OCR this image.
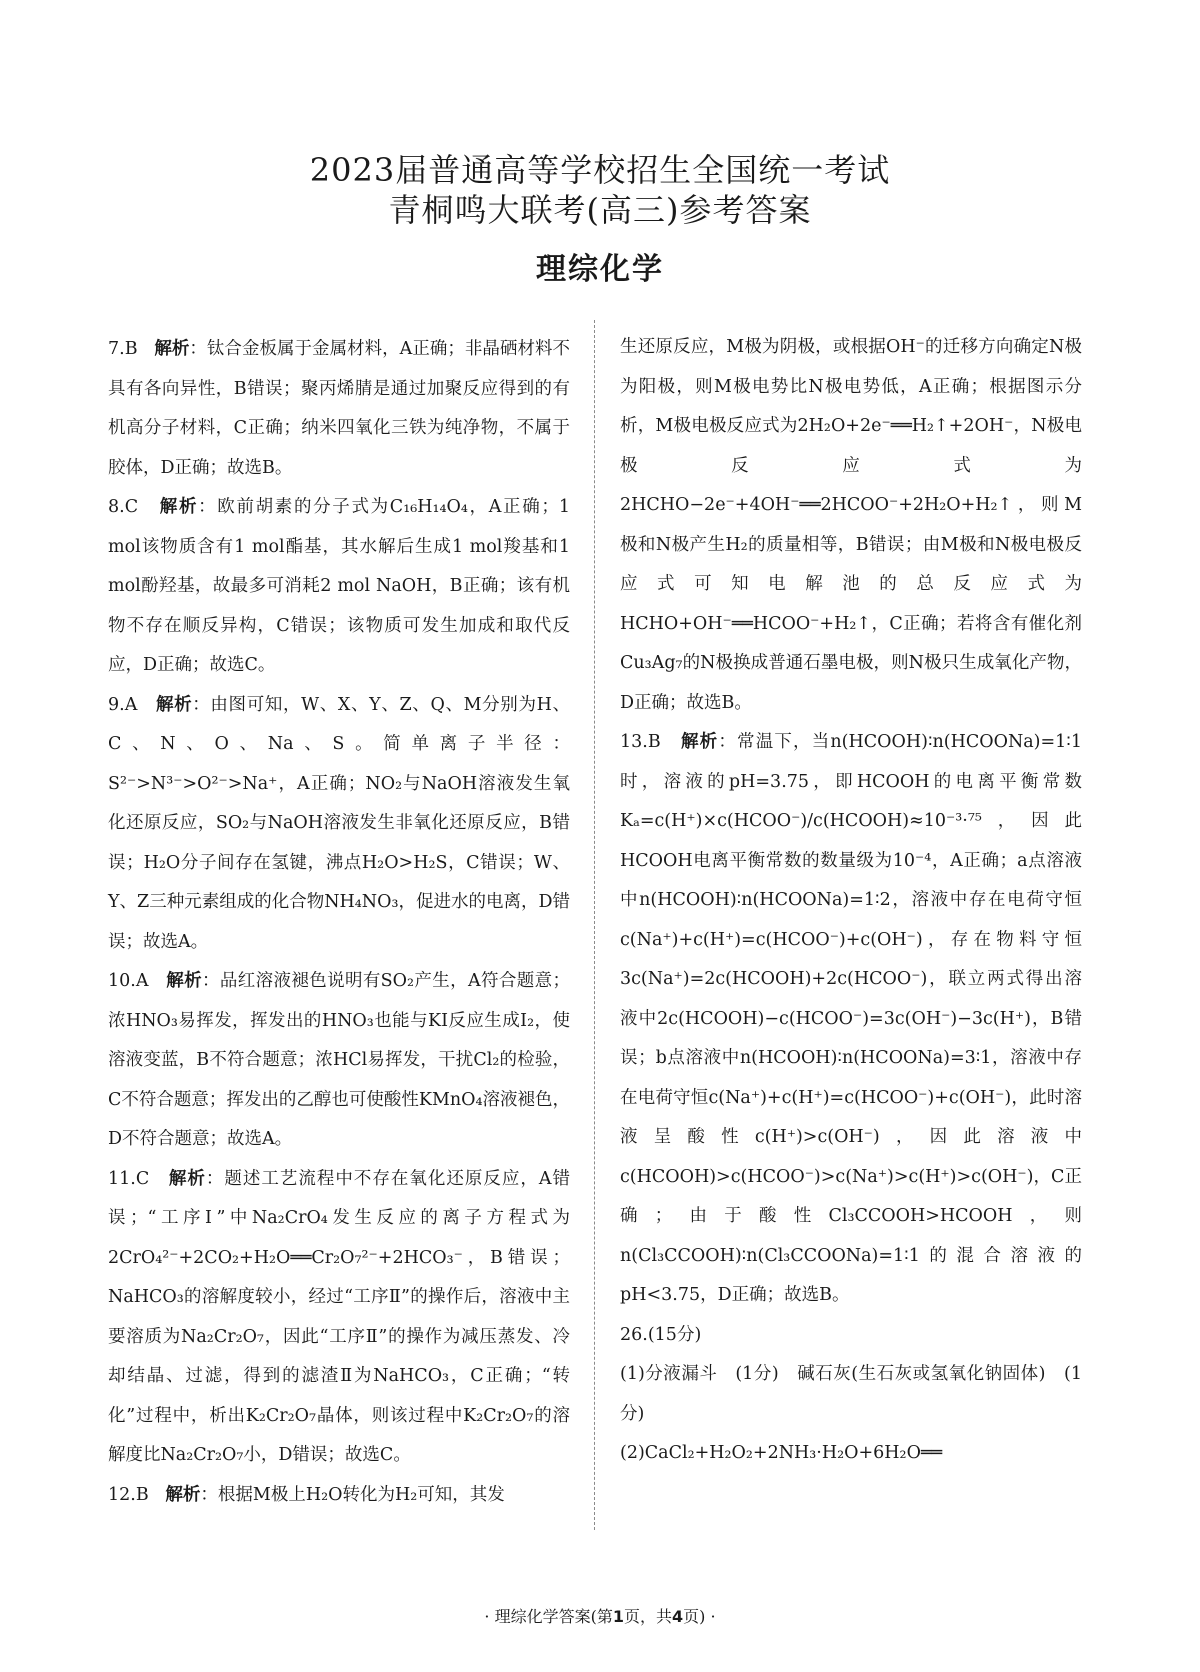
2023届普通高等学校招生全国统一考试
青桐鸣大联考(高三)参考答案
理综化学
7.B 解析：钛合金板属于金属材料，A正确；非晶硒材料不具有各向异性，B错误；聚丙烯腈是通过加聚反应得到的有机高分子材料，C正确；纳米四氧化三铁为纯净物，不属于胶体，D正确；故选B。
8.C 解析：欧前胡素的分子式为C₁₆H₁₄O₄，A正确；1 mol该物质含有1 mol酯基，其水解后生成1 mol羧基和1 mol酚羟基，故最多可消耗2 mol NaOH，B正确；该有机物不存在顺反异构，C错误；该物质可发生加成和取代反应，D正确；故选C。
9.A 解析：由图可知，W、X、Y、Z、Q、M分别为H、C、N、O、Na、S。简单离子半径：S²⁻>N³⁻>O²⁻>Na⁺，A正确；NO₂与NaOH溶液发生氧化还原反应，SO₂与NaOH溶液发生非氧化还原反应，B错误；H₂O分子间存在氢键，沸点H₂O>H₂S，C错误；W、Y、Z三种元素组成的化合物NH₄NO₃，促进水的电离，D错误；故选A。
10.A 解析：品红溶液褪色说明有SO₂产生，A符合题意；浓HNO₃易挥发，挥发出的HNO₃也能与KI反应生成I₂，使溶液变蓝，B不符合题意；浓HCl易挥发，干扰Cl₂的检验，C不符合题意；挥发出的乙醇也可使酸性KMnO₄溶液褪色，D不符合题意；故选A。
11.C 解析：题述工艺流程中不存在氧化还原反应，A错误；“工序Ⅰ”中Na₂CrO₄发生反应的离子方程式为2CrO₄²⁻+2CO₂+H₂O══Cr₂O₇²⁻+2HCO₃⁻，B错误；NaHCO₃的溶解度较小，经过“工序Ⅱ”的操作后，溶液中主要溶质为Na₂Cr₂O₇，因此“工序Ⅱ”的操作为减压蒸发、冷却结晶、过滤，得到的滤渣Ⅱ为NaHCO₃，C正确；“转化”过程中，析出K₂Cr₂O₇晶体，则该过程中K₂Cr₂O₇的溶解度比Na₂Cr₂O₇小，D错误；故选C。
12.B 解析：根据M极上H₂O转化为H₂可知，其发
生还原反应，M极为阴极，或根据OH⁻的迁移方向确定N极为阳极，则M极电势比N极电势低，A正确；根据图示分析，M极电极反应式为2H₂O+2e⁻══H₂↑+2OH⁻，N极电极反应式为2HCHO−2e⁻+4OH⁻══2HCOO⁻+2H₂O+H₂↑，则M极和N极产生H₂的质量相等，B错误；由M极和N极电极反应式可知电解池的总反应式为HCHO+OH⁻══HCOO⁻+H₂↑，C正确；若将含有催化剂Cu₃Ag₇的N极换成普通石墨电极，则N极只生成氧化产物，D正确；故选B。
13.B 解析：常温下，当n(HCOOH)∶n(HCOONa)=1∶1时，溶液的pH=3.75，即HCOOH的电离平衡常数Kₐ=c(H⁺)×c(HCOO⁻)/c(HCOOH)≈10⁻³·⁷⁵，因此HCOOH电离平衡常数的数量级为10⁻⁴，A正确；a点溶液中n(HCOOH)∶n(HCOONa)=1∶2，溶液中存在电荷守恒c(Na⁺)+c(H⁺)=c(HCOO⁻)+c(OH⁻)，存在物料守恒3c(Na⁺)=2c(HCOOH)+2c(HCOO⁻)，联立两式得出溶液中2c(HCOOH)−c(HCOO⁻)=3c(OH⁻)−3c(H⁺)，B错误；b点溶液中n(HCOOH)∶n(HCOONa)=3∶1，溶液中存在电荷守恒c(Na⁺)+c(H⁺)=c(HCOO⁻)+c(OH⁻)，此时溶液呈酸性c(H⁺)>c(OH⁻)，因此溶液中c(HCOOH)>c(HCOO⁻)>c(Na⁺)>c(H⁺)>c(OH⁻)，C正确；由于酸性Cl₃CCOOH>HCOOH，则n(Cl₃CCOOH)∶n(Cl₃CCOONa)=1∶1的混合溶液的pH<3.75，D正确；故选B。
26.(15分)
(1)分液漏斗　(1分)　碱石灰(生石灰或氢氧化钠固体)　(1分)
(2)CaCl₂+H₂O₂+2NH₃·H₂O+6H₂O══
· 理综化学答案(第1页，共4页) ·
